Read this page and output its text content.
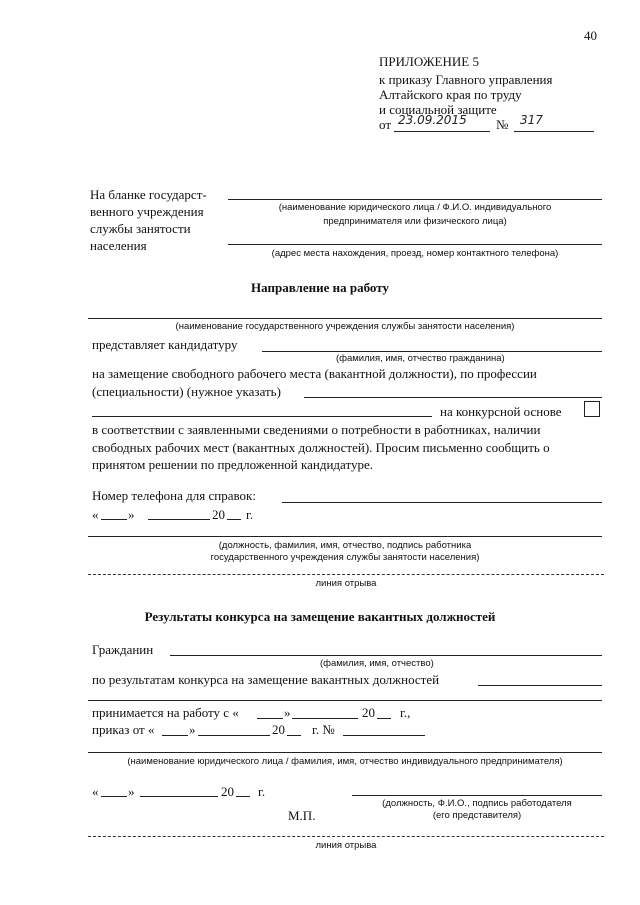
40
ПРИЛОЖЕНИЕ 5
к приказу Главного управления
Алтайского края по труду
и социальной защите
от 23.09.2015 № 317
На бланке государст-
венного учреждения
службы занятости
населения
(наименование юридического лица / Ф.И.О. индивидуального
предпринимателя или физического лица)
(адрес места нахождения, проезд, номер контактного телефона)
Направление на работу
(наименование государственного учреждения службы занятости населения)
представляет кандидатуру
(фамилия, имя, отчество гражданина)
на замещение свободного рабочего места (вакантной должности), по профессии
(специальности) (нужное указать)
на конкурсной основе
в соответствии с заявленными сведениями о потребности в работниках, наличии
свободных рабочих мест (вакантных должностей). Просим письменно сообщить о
принятом решении по предложенной кандидатуре.
Номер телефона для справок:
« »	20 г.
(должность, фамилия, имя, отчество, подпись работника
государственного учреждения службы занятости населения)
линия отрыва
Результаты конкурса на замещение вакантных должностей
Гражданин
(фамилия, имя, отчество)
по результатам конкурса на замещение вакантных должностей
принимается на работу с «	»	20 г.,
приказ от «	»	20 г. №
(наименование юридического лица / фамилия, имя, отчество индивидуального предпринимателя)
« »	20 г.
(должность, Ф.И.О., подпись работодателя
М.П.	(его представителя)
линия отрыва
